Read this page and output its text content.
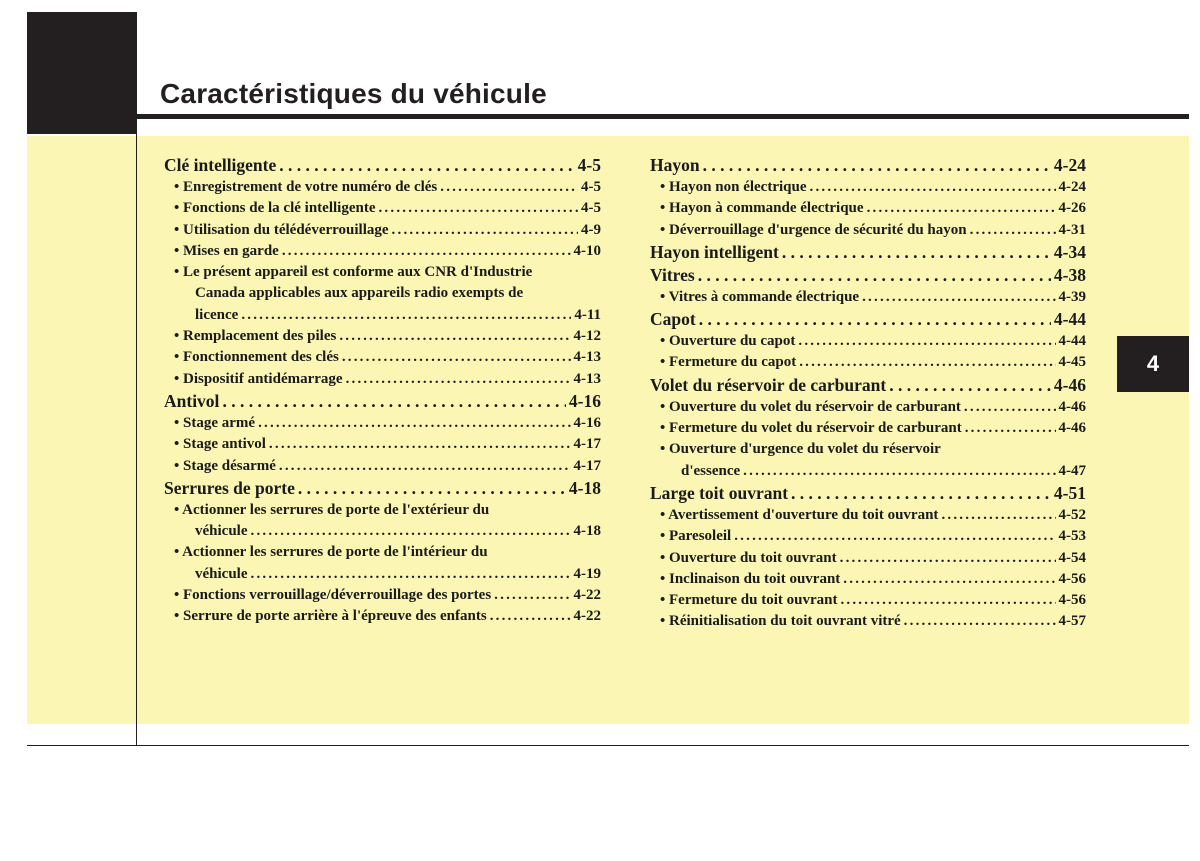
Caractéristiques du véhicule
4
Clé intelligente . . .	4-5
• Enregistrement de votre numéro de clés .....	4-5
• Fonctions de la clé intelligente .....	4-5
• Utilisation du télédéverrouillage .....	4-9
• Mises en garde .....	4-10
• Le présent appareil est conforme aux CNR d'Industrie
Canada applicables aux appareils radio exempts de
licence .....	4-11
• Remplacement des piles .....	4-12
• Fonctionnement des clés .....	4-13
• Dispositif antidémarrage .....	4-13
Antivol . . .	4-16
• Stage armé .....	4-16
• Stage antivol .....	4-17
• Stage désarmé .....	4-17
Serrures de porte . . .	4-18
• Actionner les serrures de porte de l'extérieur du
véhicule .....	4-18
• Actionner les serrures de porte de l'intérieur du
véhicule .....	4-19
• Fonctions verrouillage/déverrouillage des portes .....	4-22
• Serrure de porte arrière à l'épreuve des enfants .....	4-22
Hayon . . .	4-24
• Hayon non électrique .....	4-24
• Hayon à commande électrique .....	4-26
• Déverrouillage d'urgence de sécurité du hayon .....	4-31
Hayon intelligent . . .	4-34
Vitres . . .	4-38
• Vitres à commande électrique .....	4-39
Capot . . .	4-44
• Ouverture du capot .....	4-44
• Fermeture du capot .....	4-45
Volet du réservoir de carburant . . .	4-46
• Ouverture du volet du réservoir de carburant .....	4-46
• Fermeture du volet du réservoir de carburant .....	4-46
• Ouverture d'urgence du volet du réservoir
d'essence .....	4-47
Large toit ouvrant . . .	4-51
• Avertissement d'ouverture du toit ouvrant .....	4-52
• Paresoleil .....	4-53
• Ouverture du toit ouvrant .....	4-54
• Inclinaison du toit ouvrant .....	4-56
• Fermeture du toit ouvrant .....	4-56
• Réinitialisation du toit ouvrant vitré .....	4-57
